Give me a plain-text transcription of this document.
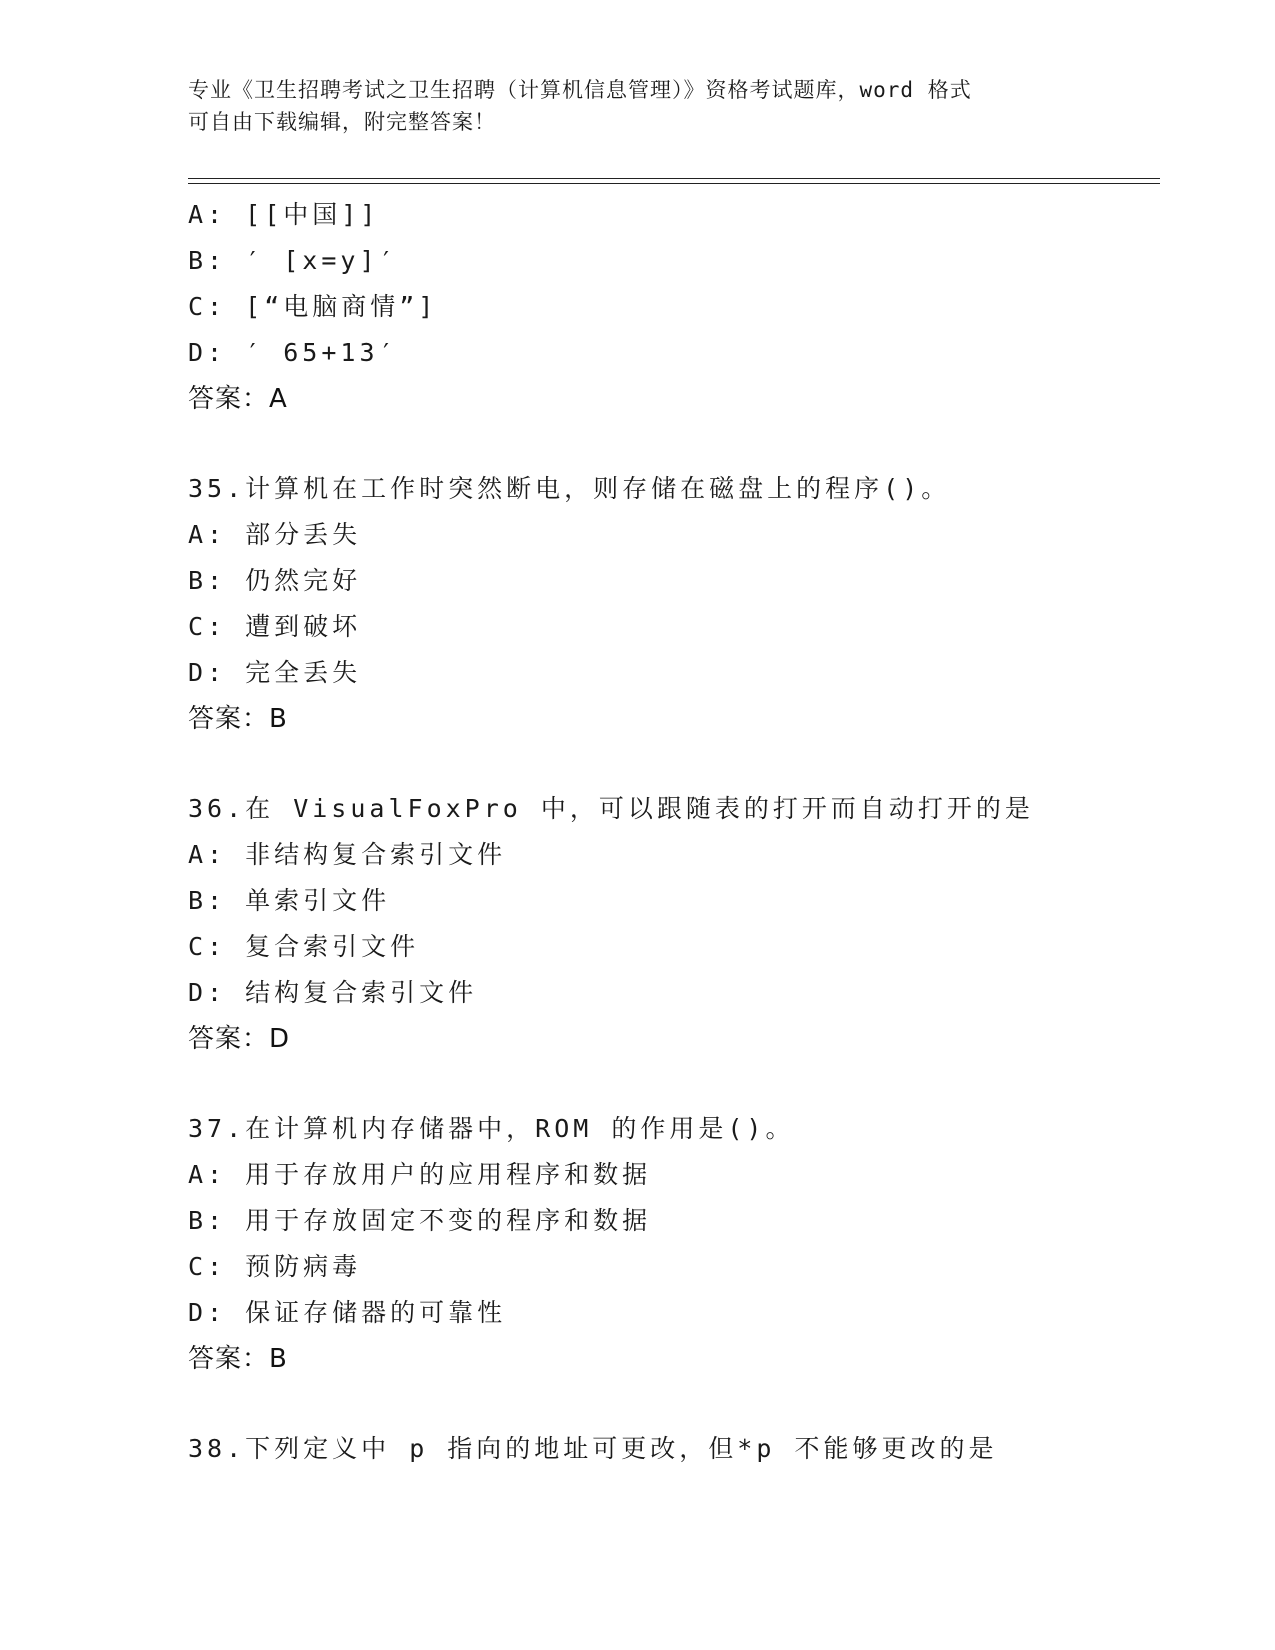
专业《卫生招聘考试之卫生招聘（计算机信息管理）》资格考试题库，word 格式
可自由下载编辑，附完整答案！
A: [[中国]]
B: ′ [x=y]′
C: [“电脑商情”]
D: ′ 65+13′
答案：A
35.计算机在工作时突然断电，则存储在磁盘上的程序()。
A: 部分丢失
B: 仍然完好
C: 遭到破坏
D: 完全丢失
答案：B
36.在 VisualFoxPro 中，可以跟随表的打开而自动打开的是
A: 非结构复合索引文件
B: 单索引文件
C: 复合索引文件
D: 结构复合索引文件
答案：D
37.在计算机内存储器中，ROM 的作用是()。
A: 用于存放用户的应用程序和数据
B: 用于存放固定不变的程序和数据
C: 预防病毒
D: 保证存储器的可靠性
答案：B
38.下列定义中 p 指向的地址可更改，但*p 不能够更改的是
